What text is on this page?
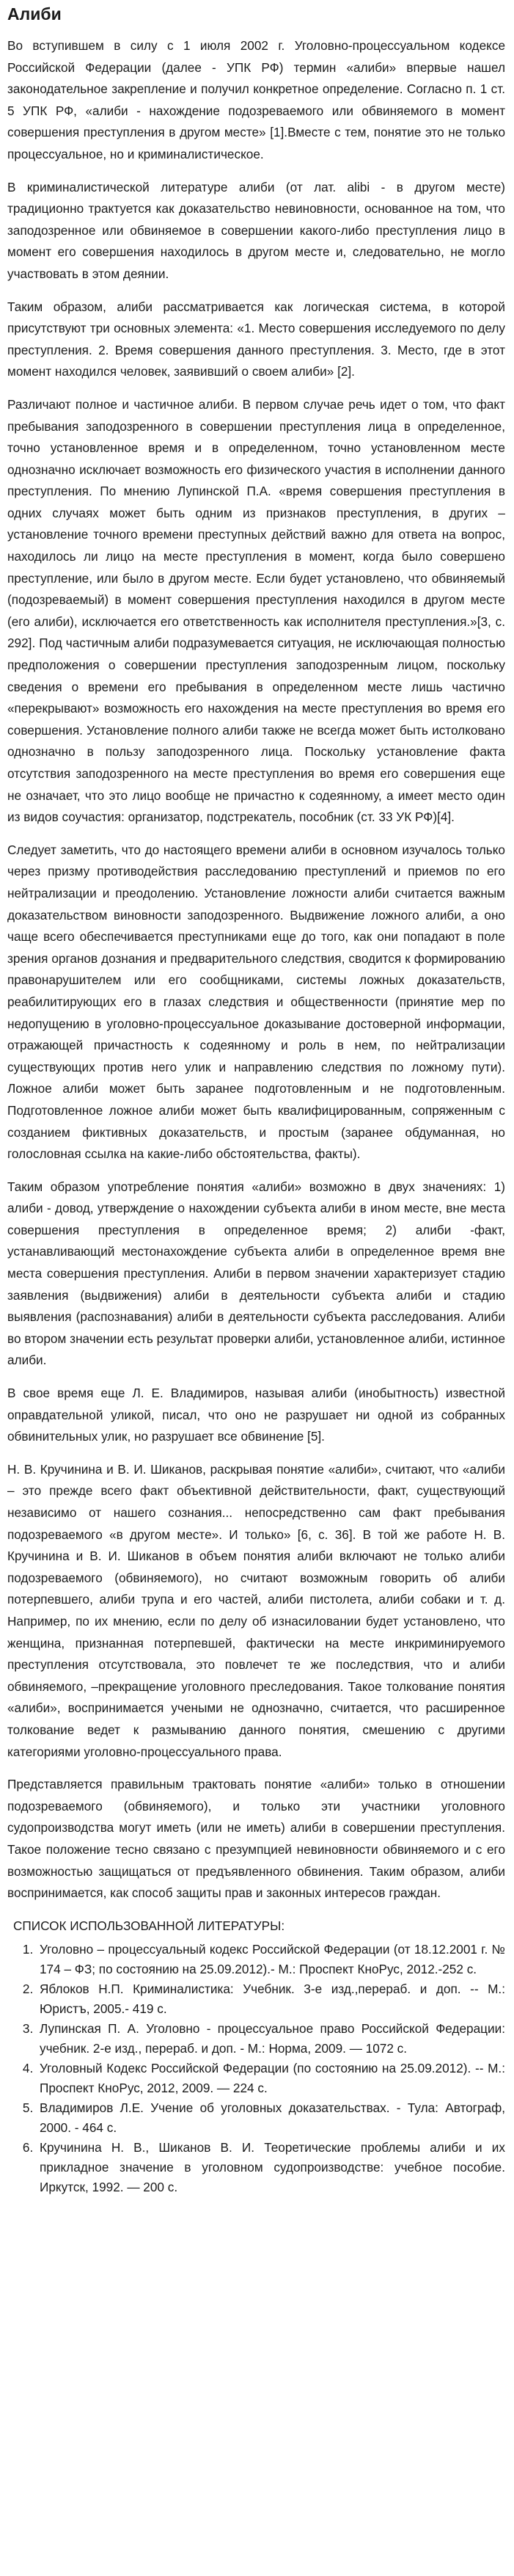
Алиби

Во вступившем в силу с 1 июля 2002 г. Уголовно-процессуальном кодексе Российской Федерации (далее - УПК РФ) термин «алиби» впервые нашел законодательное закрепление и получил конкретное определение. Согласно п. 1 ст. 5 УПК РФ, «алиби - нахождение подозреваемого или обвиняемого в момент совершения преступления в другом месте» [1].Вместе с тем, понятие это не только процессуальное, но и криминалистическое.

В криминалистической литературе алиби (от лат. alibi - в другом месте) традиционно трактуется как доказательство невиновности, основанное на том, что заподозренное или обвиняемое в совершении какого-либо преступления лицо в момент его совершения находилось в другом месте и, следовательно, не могло участвовать в этом деянии.

Таким образом, алиби рассматривается как логическая система, в которой присутствуют три основных элемента: «1. Место совершения исследуемого по делу преступления. 2. Время совершения данного преступления. 3. Место, где в этот момент находился человек, заявивший о своем алиби» [2].

Различают полное и частичное алиби. В первом случае речь идет о том, что факт пребывания заподозренного в совершении преступления лица в определенное, точно установленное время и в определенном, точно установленном месте однозначно исключает возможность его физического участия в исполнении данного преступления. По мнению Лупинской П.А. «время совершения преступления в одних случаях может быть одним из признаков преступления, в других – установление точного времени преступных действий важно для ответа на вопрос, находилось ли лицо на месте преступления в момент, когда было совершено преступление, или было в другом месте. Если будет установлено, что обвиняемый (подозреваемый) в момент совершения преступления находился в другом месте (его алиби), исключается его ответственность как исполнителя преступления.»[3, с. 292]. Под частичным алиби подразумевается ситуация, не исключающая полностью предположения о совершении преступления заподозренным лицом, поскольку сведения о времени его пребывания в определенном месте лишь частично «перекрывают» возможность его нахождения на месте преступления во время его совершения. Установление полного алиби также не всегда может быть истолковано однозначно в пользу заподозренного лица. Поскольку установление факта отсутствия заподозренного на месте преступления во время его совершения еще не означает, что это лицо вообще не причастно к содеянному, а имеет место один из видов соучастия: организатор, подстрекатель, пособник (ст. 33 УК РФ)[4].

Следует заметить, что до настоящего времени алиби в основном изучалось только через призму противодействия расследованию преступлений и приемов по его нейтрализации и преодолению. Установление ложности алиби считается важным доказательством виновности заподозренного. Выдвижение ложного алиби, а оно чаще всего обеспечивается преступниками еще до того, как они попадают в поле зрения органов дознания и предварительного следствия, сводится к формированию правонарушителем или его сообщниками, системы ложных доказательств, реабилитирующих его в глазах следствия и общественности (принятие мер по недопущению в уголовно-процессуальное доказывание достоверной информации, отражающей причастность к содеянному и роль в нем, по нейтрализации существующих против него улик и направлению следствия по ложному пути). Ложное алиби может быть заранее подготовленным и не подготовленным. Подготовленное ложное алиби может быть квалифицированным, сопряженным с созданием фиктивных доказательств, и простым (заранее обдуманная, но голословная ссылка на какие-либо обстоятельства, факты).

Таким образом употребление понятия «алиби» возможно в двух значениях: 1) алиби - довод, утверждение о нахождении субъекта алиби в ином месте, вне места совершения преступления в определенное время; 2) алиби -факт, устанавливающий местонахождение субъекта алиби в определенное время вне места совершения преступления. Алиби в первом значении характеризует стадию заявления (выдвижения) алиби в деятельности субъекта алиби и стадию выявления (распознавания) алиби в деятельности субъекта расследования. Алиби во втором значении есть результат проверки алиби, установленное алиби, истинное алиби.

В свое время еще Л. Е. Владимиров, называя алиби (инобытность) известной оправдательной уликой, писал, что оно не разрушает ни одной из собранных обвинительных улик, но разрушает все обвинение [5].

Н. В. Кручинина и В. И. Шиканов, раскрывая понятие «алиби», считают, что «алиби – это прежде всего факт объективной действительности, факт, существующий независимо от нашего сознания... непосредственно сам факт пребывания подозреваемого «в другом месте». И только» [6, с. 36]. В той же работе Н. В. Кручинина и В. И. Шиканов в объем понятия алиби включают не только алиби подозреваемого (обвиняемого), но считают возможным говорить об алиби потерпевшего, алиби трупа и его частей, алиби пистолета, алиби собаки и т. д. Например, по их мнению, если по делу об изнасиловании будет установлено, что женщина, признанная потерпевшей, фактически на месте инкриминируемого преступления отсутствовала, это повлечет те же последствия, что и алиби обвиняемого, –прекращение уголовного преследования. Такое толкование понятия «алиби», воспринимается учеными не однозначно, считается, что расширенное толкование ведет к размыванию данного понятия, смешению с другими категориями уголовно-процессуального права.

Представляется правильным трактовать понятие «алиби» только в отношении подозреваемого (обвиняемого), и только эти участники уголовного судопроизводства могут иметь (или не иметь) алиби в совершении преступления. Такое положение тесно связано с презумпцией невиновности обвиняемого и с его возможностью защищаться от предъявленного обвинения. Таким образом, алиби воспринимается, как способ защиты прав и законных интересов граждан.

СПИСОК ИСПОЛЬЗОВАННОЙ ЛИТЕРАТУРЫ:
1. Уголовно – процессуальный кодекс Российской Федерации (от 18.12.2001 г. № 174 – ФЗ; по состоянию на 25.09.2012).- М.: Проспект КноРус, 2012.-252 с.
2. Яблоков Н.П. Криминалистика: Учебник. 3-е изд.,перераб. и доп. -- М.: Юристъ, 2005.- 419 с.
3. Лупинская П. А. Уголовно - процессуальное право Российской Федерации: учебник. 2-е изд., перераб. и доп. - М.: Норма, 2009. — 1072 с.
4. Уголовный Кодекс Российской Федерации (по состоянию на 25.09.2012). -- М.: Проспект КноРус, 2012, 2009. — 224 с.
5. Владимиров Л.Е. Учение об уголовных доказательствах. - Тула: Автограф, 2000. - 464 с.
6. Кручинина Н. В., Шиканов В. И. Теоретические проблемы алиби и их прикладное значение в уголовном судопроизводстве: учебное пособие. Иркутск, 1992. — 200 с.
